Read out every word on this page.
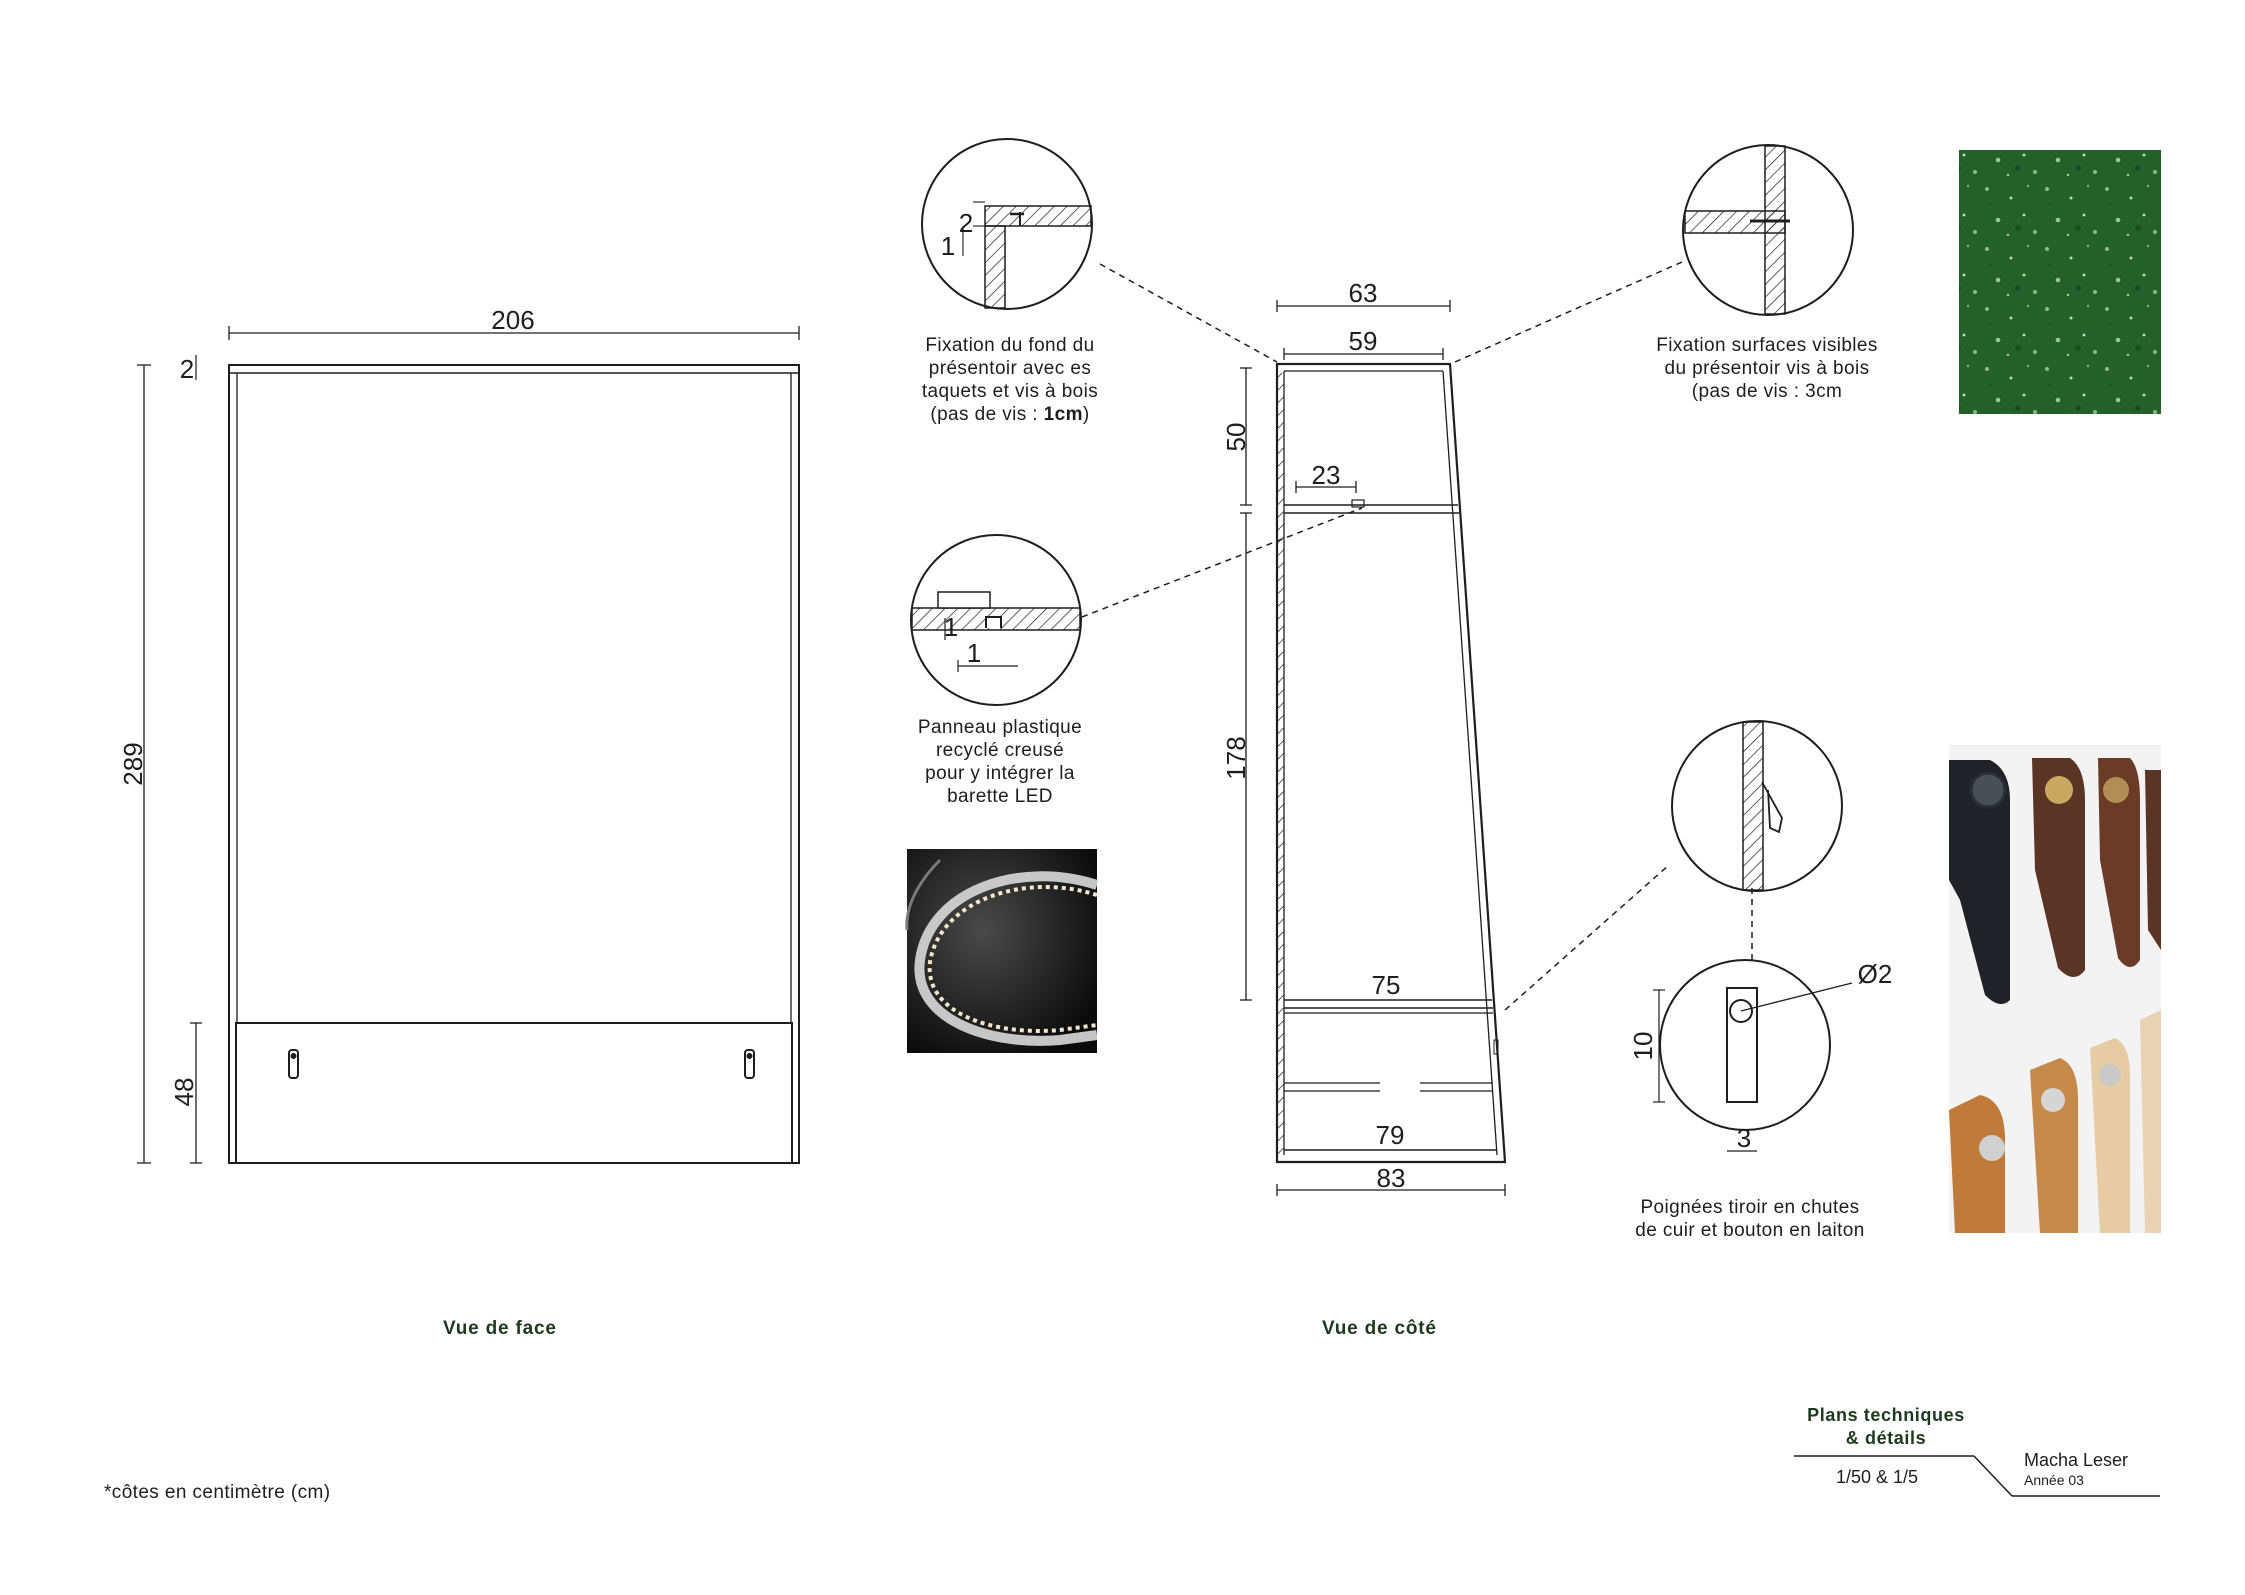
206
2
289
48
63
59
50
23
178
75
79
83
2
1
1
1
Ø2
10
3
Fixation du fond du
présentoir avec es
taquets et vis à bois
(pas de vis : 1cm)
Fixation surfaces visibles
du présentoir vis à bois
(pas de vis : 3cm
Panneau plastique
recyclé creusé
pour y intégrer la
barette LED
Poignées tiroir en chutes
de cuir et bouton en laiton
Vue de face	Vue de côté
*côtes en centimètre (cm)
Plans techniques
& détails
1/50 & 1/5
Macha Leser
Année 03
